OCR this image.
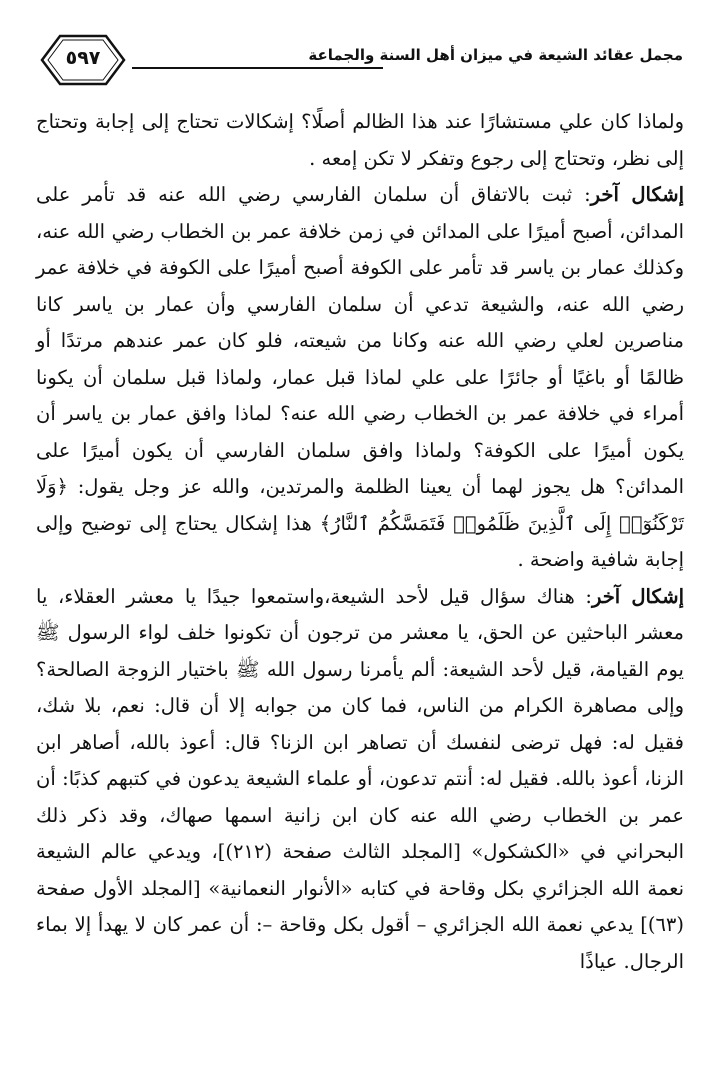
مجمل عقائد الشيعة في ميزان أهل السنة والجماعة
٥٩٧

ولماذا كان علي مستشارًا عند هذا الظالم أصلًا؟ إشكالات تحتاج إلى إجابة وتحتاج إلى نظر، وتحتاج إلى رجوع وتفكر لا تكن إمعه .

إشكال آخر: ثبت بالاتفاق أن سلمان الفارسي رضي الله عنه قد تأمر على المدائن، أصبح أميرًا على المدائن في زمن خلافة عمر بن الخطاب رضي الله عنه، وكذلك عمار بن ياسر قد تأمر على الكوفة أصبح أميرًا على الكوفة في خلافة عمر رضي الله عنه، والشيعة تدعي أن سلمان الفارسي وأن عمار بن ياسر كانا مناصرين لعلي رضي الله عنه وكانا من شيعته، فلو كان عمر عندهم مرتدًا أو ظالمًا أو باغيًا أو جائرًا على علي لماذا قبل عمار، ولماذا قبل سلمان أن يكونا أمراء في خلافة عمر بن الخطاب رضي الله عنه؟ لماذا وافق عمار بن ياسر أن يكون أميرًا على الكوفة؟ ولماذا وافق سلمان الفارسي أن يكون أميرًا على المدائن؟ هل يجوز لهما أن يعينا الظلمة والمرتدين، والله عز وجل يقول: ﴿وَلَا تَرْكَنُوٓا۟ إِلَى ٱلَّذِينَ ظَلَمُوا۟ فَتَمَسَّكُمُ ٱلنَّارُ﴾ هذا إشكال يحتاج إلى توضيح وإلى إجابة شافية واضحة .

إشكال آخر: هناك سؤال قيل لأحد الشيعة،واستمعوا جيدًا يا معشر العقلاء، يا معشر الباحثين عن الحق، يا معشر من ترجون أن تكونوا خلف لواء الرسول ﷺ يوم القيامة، قيل لأحد الشيعة: ألم يأمرنا رسول الله ﷺ باختيار الزوجة الصالحة؟ وإلى مصاهرة الكرام من الناس، فما كان من جوابه إلا أن قال: نعم، بلا شك، فقيل له: فهل ترضى لنفسك أن تصاهر ابن الزنا؟ قال: أعوذ بالله، أصاهر ابن الزنا، أعوذ بالله. فقيل له: أنتم تدعون، أو علماء الشيعة يدعون في كتبهم كذبًا: أن عمر بن الخطاب رضي الله عنه كان ابن زانية اسمها صهاك، وقد ذكر ذلك البحراني في «الكشكول» [المجلد الثالث صفحة (٢١٢)]، ويدعي عالم الشيعة نعمة الله الجزائري بكل وقاحة في كتابه «الأنوار النعمانية» [المجلد الأول صفحة (٦٣)] يدعي نعمة الله الجزائري – أقول بكل وقاحة –: أن عمر كان لا يهدأ إلا بماء الرجال. عياذًا
